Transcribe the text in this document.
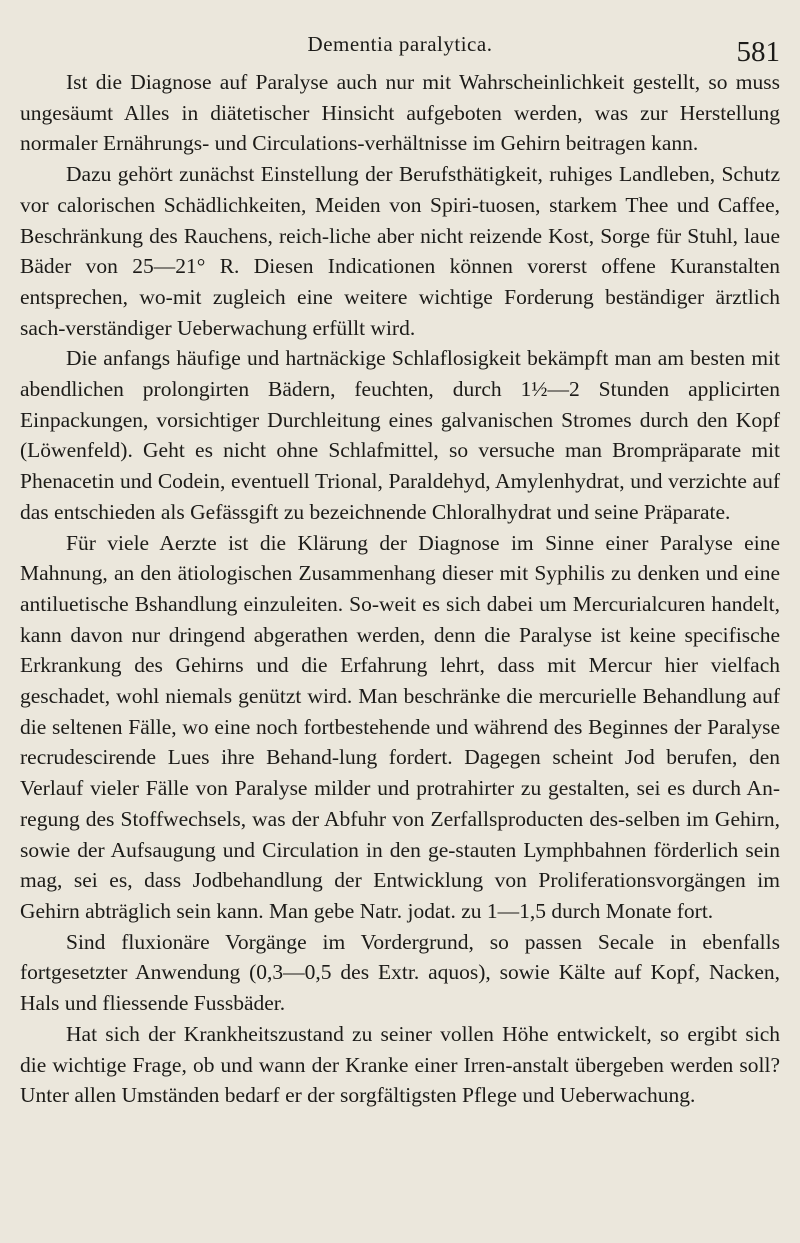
Dementia paralytica.	581

Ist die Diagnose auf Paralyse auch nur mit Wahrscheinlichkeit gestellt, so muss ungesäumt Alles in diätetischer Hinsicht aufgeboten werden, was zur Herstellung normaler Ernährungs- und Circulations-verhältnisse im Gehirn beitragen kann.

Dazu gehört zunächst Einstellung der Berufsthätigkeit, ruhiges Landleben, Schutz vor calorischen Schädlichkeiten, Meiden von Spiri-tuosen, starkem Thee und Caffee, Beschränkung des Rauchens, reich-liche aber nicht reizende Kost, Sorge für Stuhl, laue Bäder von 25—21° R. Diesen Indicationen können vorerst offene Kuranstalten entsprechen, wo-mit zugleich eine weitere wichtige Forderung beständiger ärztlich sach-verständiger Ueberwachung erfüllt wird.

Die anfangs häufige und hartnäckige Schlaflosigkeit bekämpft man am besten mit abendlichen prolongirten Bädern, feuchten, durch 1½—2 Stunden applicirten Einpackungen, vorsichtiger Durchleitung eines galvanischen Stromes durch den Kopf (Löwenfeld). Geht es nicht ohne Schlafmittel, so versuche man Brompräparate mit Phenacetin und Codein, eventuell Trional, Paraldehyd, Amylenhydrat, und verzichte auf das entschieden als Gefässgift zu bezeichnende Chloralhydrat und seine Präparate.

Für viele Aerzte ist die Klärung der Diagnose im Sinne einer Paralyse eine Mahnung, an den ätiologischen Zusammenhang dieser mit Syphilis zu denken und eine antiluetische Bshandlung einzuleiten. So-weit es sich dabei um Mercurialcuren handelt, kann davon nur dringend abgerathen werden, denn die Paralyse ist keine specifische Erkrankung des Gehirns und die Erfahrung lehrt, dass mit Mercur hier vielfach geschadet, wohl niemals genützt wird. Man beschränke die mercurielle Behandlung auf die seltenen Fälle, wo eine noch fortbestehende und während des Beginnes der Paralyse recrudescirende Lues ihre Behand-lung fordert. Dagegen scheint Jod berufen, den Verlauf vieler Fälle von Paralyse milder und protrahirter zu gestalten, sei es durch An-regung des Stoffwechsels, was der Abfuhr von Zerfallsproducten des-selben im Gehirn, sowie der Aufsaugung und Circulation in den ge-stauten Lymphbahnen förderlich sein mag, sei es, dass Jodbehandlung der Entwicklung von Proliferationsvorgängen im Gehirn abträglich sein kann. Man gebe Natr. jodat. zu 1—1,5 durch Monate fort.

Sind fluxionäre Vorgänge im Vordergrund, so passen Secale in ebenfalls fortgesetzter Anwendung (0,3—0,5 des Extr. aquos), sowie Kälte auf Kopf, Nacken, Hals und fliessende Fussbäder.

Hat sich der Krankheitszustand zu seiner vollen Höhe entwickelt, so ergibt sich die wichtige Frage, ob und wann der Kranke einer Irren-anstalt übergeben werden soll? Unter allen Umständen bedarf er der sorgfältigsten Pflege und Ueberwachung.
